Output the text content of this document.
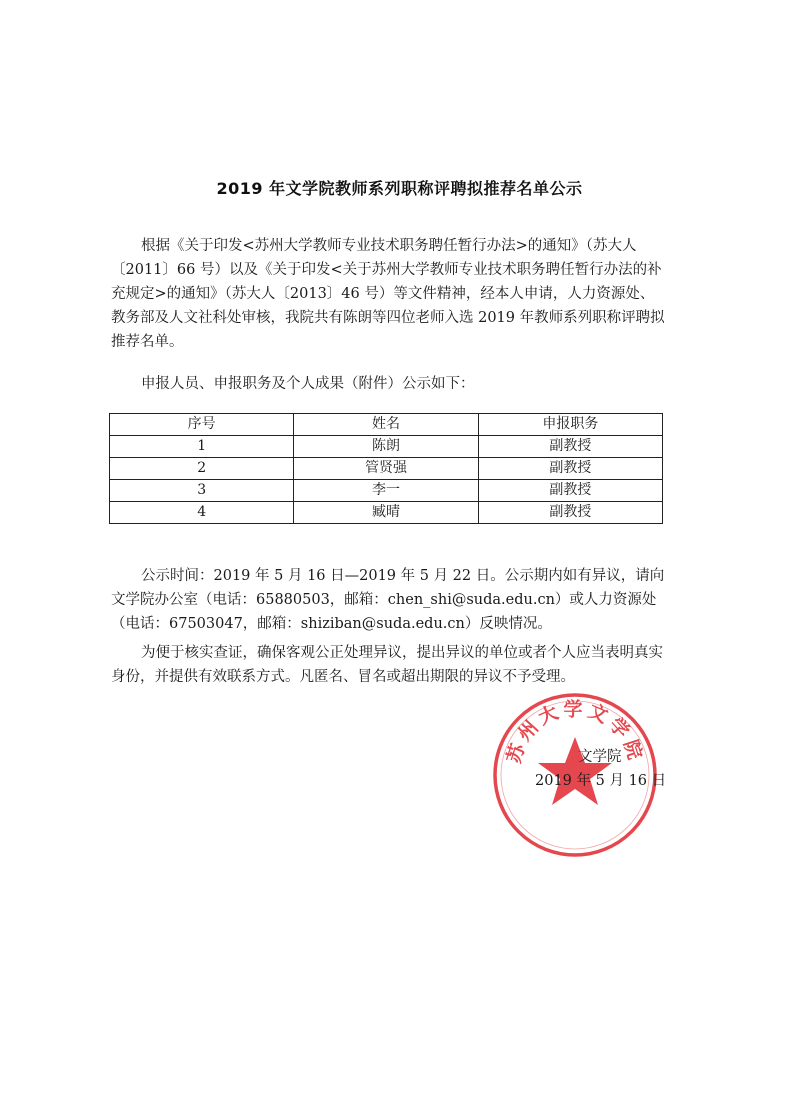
2019 年文学院教师系列职称评聘拟推荐名单公示
根据《关于印发<苏州大学教师专业技术职务聘任暂行办法>的通知》（苏大人〔2011〕66 号）以及《关于印发<关于苏州大学教师专业技术职务聘任暂行办法的补充规定>的通知》（苏大人〔2013〕46 号）等文件精神，经本人申请，人力资源处、教务部及人文社科处审核，我院共有陈朗等四位老师入选 2019 年教师系列职称评聘拟推荐名单。
申报人员、申报职务及个人成果（附件）公示如下：
序号	姓名	申报职务
1	陈朗	副教授
2	管贤强	副教授
3	李一	副教授
4	臧晴	副教授
公示时间：2019 年 5 月 16 日—2019 年 5 月 22 日。公示期内如有异议，请向文学院办公室（电话：65880503，邮箱：chen_shi@suda.edu.cn）或人力资源处（电话：67503047，邮箱：shiziban@suda.edu.cn）反映情况。
为便于核实查证，确保客观公正处理异议，提出异议的单位或者个人应当表明真实身份，并提供有效联系方式。凡匿名、冒名或超出期限的异议不予受理。
苏州大学文学院
文学院
2019 年 5 月 16 日
